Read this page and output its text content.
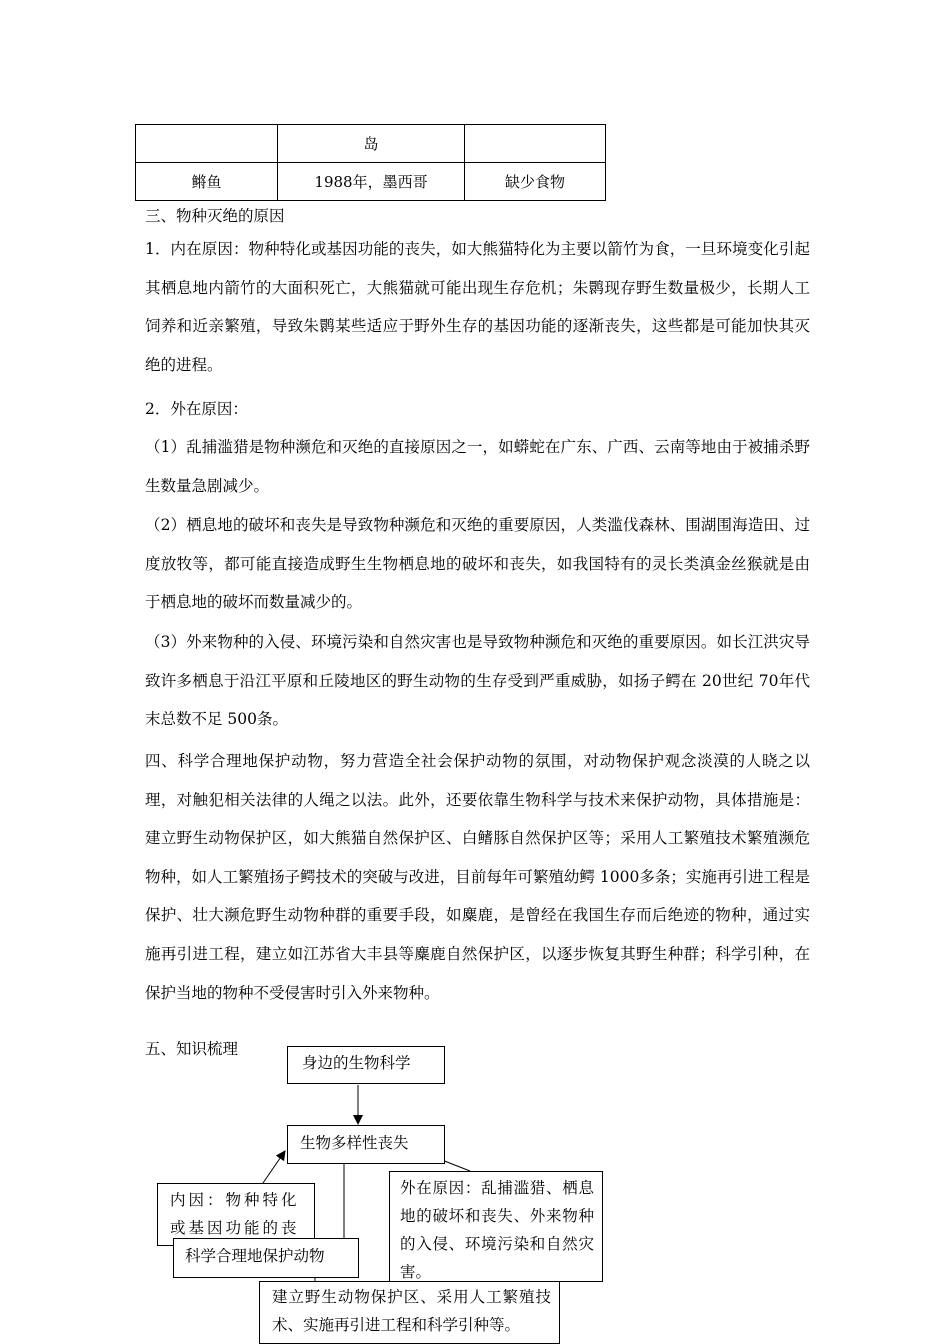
	岛	
鳉鱼	1988年，墨西哥	缺少食物

三、物种灭绝的原因

1．内在原因：物种特化或基因功能的丧失，如大熊猫特化为主要以箭竹为食，一旦环境变化引起其栖息地内箭竹的大面积死亡，大熊猫就可能出现生存危机；朱鹮现存野生数量极少，长期人工饲养和近亲繁殖，导致朱鹮某些适应于野外生存的基因功能的逐渐丧失，这些都是可能加快其灭绝的进程。

2．外在原因：

（1）乱捕滥猎是物种濒危和灭绝的直接原因之一，如蟒蛇在广东、广西、云南等地由于被捕杀野生数量急剧减少。

（2）栖息地的破坏和丧失是导致物种濒危和灭绝的重要原因，人类滥伐森林、围湖围海造田、过度放牧等，都可能直接造成野生生物栖息地的破坏和丧失，如我国特有的灵长类滇金丝猴就是由于栖息地的破坏而数量减少的。

（3）外来物种的入侵、环境污染和自然灾害也是导致物种濒危和灭绝的重要原因。如长江洪灾导致许多栖息于沿江平原和丘陵地区的野生动物的生存受到严重威胁，如扬子鳄在 20世纪 70年代末总数不足 500条。

四、科学合理地保护动物，努力营造全社会保护动物的氛围，对动物保护观念淡漠的人晓之以理，对触犯相关法律的人绳之以法。此外，还要依靠生物科学与技术来保护动物，具体措施是：建立野生动物保护区，如大熊猫自然保护区、白鳍豚自然保护区等；采用人工繁殖技术繁殖濒危物种，如人工繁殖扬子鳄技术的突破与改进，目前每年可繁殖幼鳄 1000多条；实施再引进工程是保护、壮大濒危野生动物种群的重要手段，如麋鹿，是曾经在我国生存而后绝迹的物种，通过实施再引进工程，建立如江苏省大丰县等麋鹿自然保护区，以逐步恢复其野生种群；科学引种，在保护当地的物种不受侵害时引入外来物种。

五、知识梳理

身边的生物科学
生物多样性丧失
内因：物种特化或基因功能的丧
外在原因：乱捕滥猎、栖息地的破坏和丧失、外来物种的入侵、环境污染和自然灾害。
科学合理地保护动物
建立野生动物保护区、采用人工繁殖技术、实施再引进工程和科学引种等。
